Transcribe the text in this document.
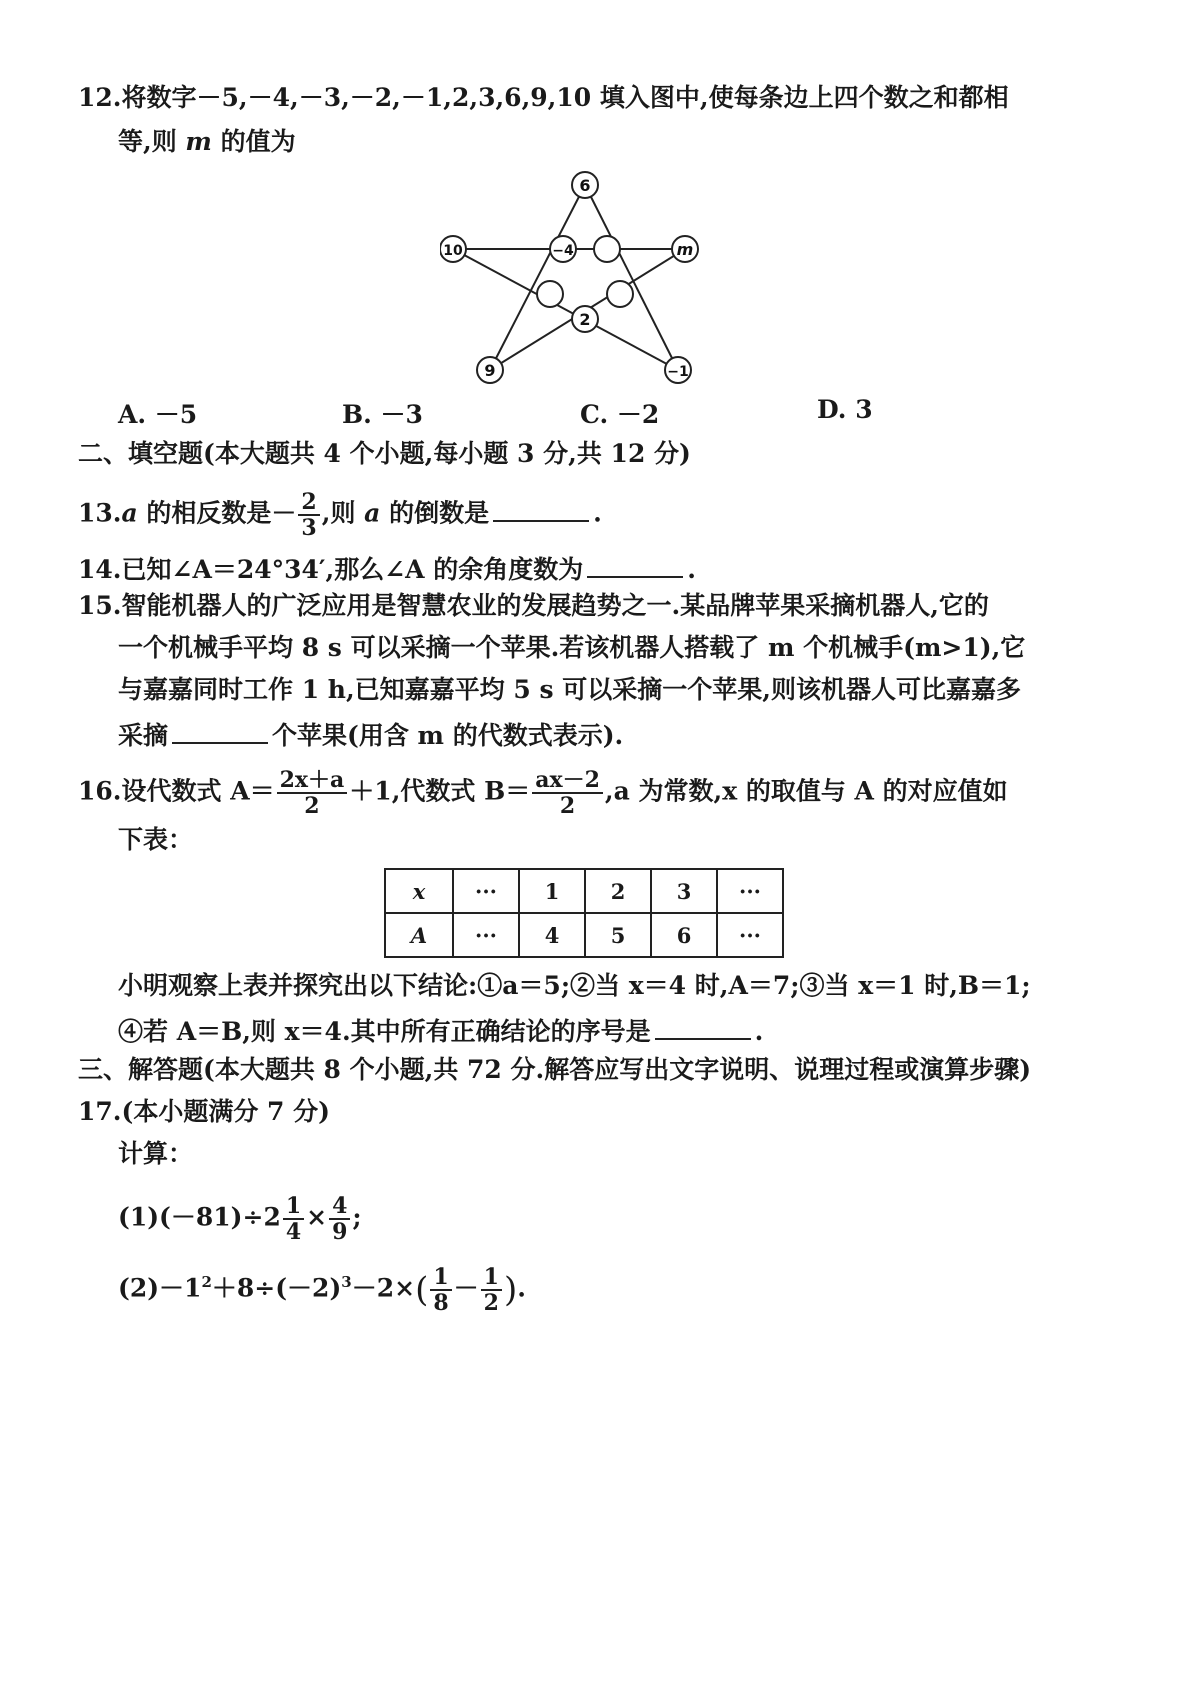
12.将数字－5,－4,－3,－2,－1,2,3,6,9,10 填入图中,使每条边上四个数之和都相
等,则 m 的值为
6
10	m
−4
2
9	−1
A. －5	B. －3	C. －2	D. 3
二、填空题(本大题共 4 个小题,每小题 3 分,共 12 分)
13.a 的相反数是－ $\frac{2}{3}$ ,则 a 的倒数是	.
14.已知∠A＝24°34′,那么∠A 的余角度数为	.
15.智能机器人的广泛应用是智慧农业的发展趋势之一.某品牌苹果采摘机器人,它的
一个机械手平均 8 s 可以采摘一个苹果.若该机器人搭载了 m 个机械手(m>1),它
与嘉嘉同时工作 1 h,已知嘉嘉平均 5 s 可以采摘一个苹果,则该机器人可比嘉嘉多
采摘	个苹果(用含 m 的代数式表示).
16.设代数式 $A= \frac{2x+a}{2} +1$,代数式 $B= \frac{ax-2}{2} ,a$ 为常数,x 的取值与 A 的对应值如
下表：
x	···	1	2	3	···
A	···	4	5	6	···
小明观察上表并探究出以下结论:①a＝5;②当 x＝4 时,A＝7;③当 x＝1 时,B＝1;
④若 A＝B,则 x＝4.其中所有正确结论的序号是	.
三、解答题(本大题共 8 个小题,共 72 分.解答应写出文字说明、说理过程或演算步骤)
17.(本小题满分 7 分)
计算：
$(1)(-81)\div 2 \frac{1}{4} \times \frac{4}{9}$ ;
$(2)-1^2+8\div(-2)^3-2\times( \frac{1}{8} - \frac{1}{2}$ ).
